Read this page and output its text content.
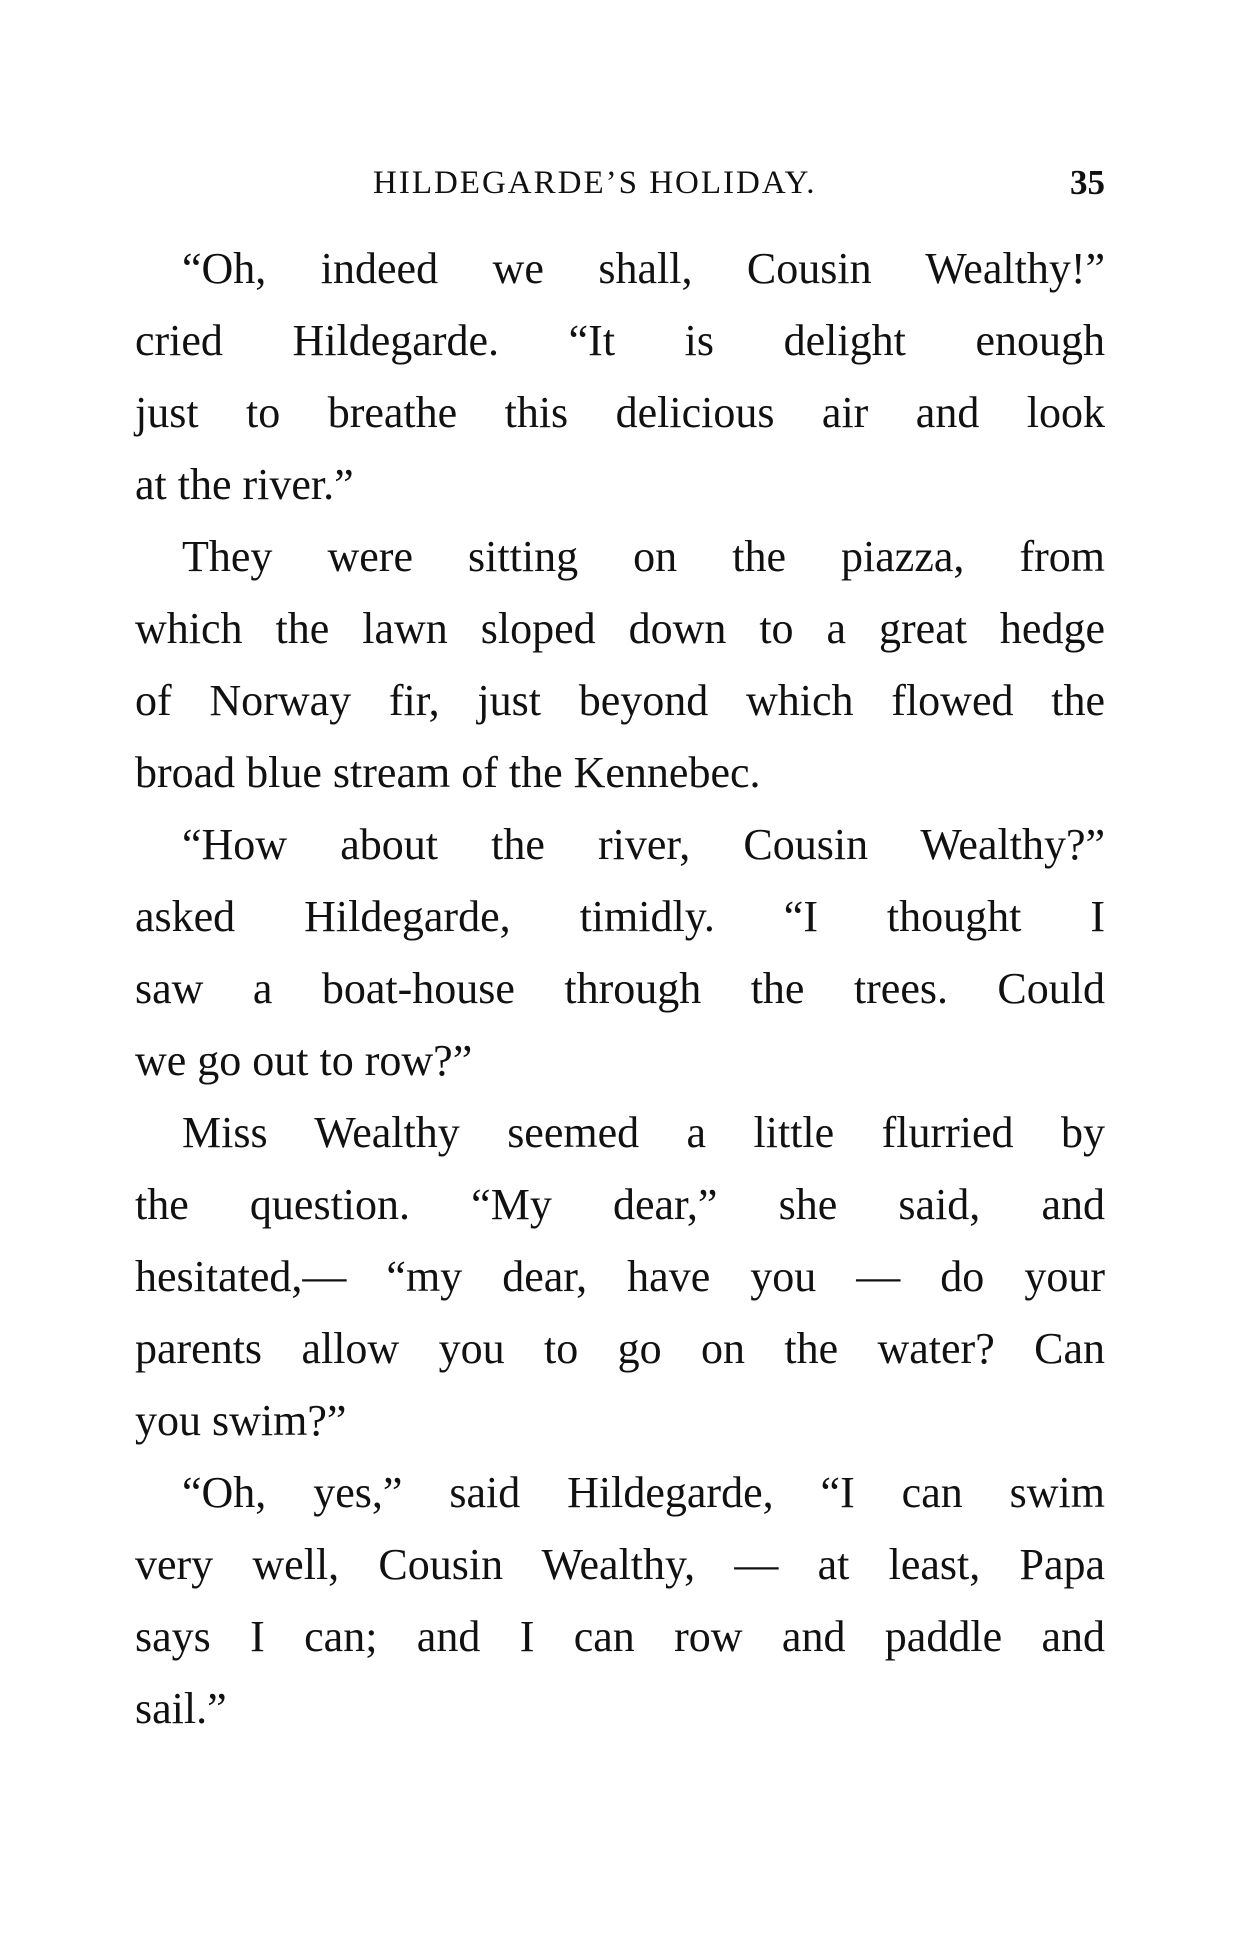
HILDEGARDE’S HOLIDAY.	35

“Oh, indeed we shall, Cousin Wealthy!”
cried Hildegarde. “It is delight enough
just to breathe this delicious air and look
at the river.”

They were sitting on the piazza, from
which the lawn sloped down to a great hedge
of Norway fir, just beyond which flowed the
broad blue stream of the Kennebec.

“How about the river, Cousin Wealthy?”
asked Hildegarde, timidly. “I thought I
saw a boat-house through the trees. Could
we go out to row?”

Miss Wealthy seemed a little flurried by
the question. “My dear,” she said, and
hesitated,— “my dear, have you — do your
parents allow you to go on the water? Can
you swim?”

“Oh, yes,” said Hildegarde, “I can swim
very well, Cousin Wealthy, — at least, Papa
says I can; and I can row and paddle and
sail.”
